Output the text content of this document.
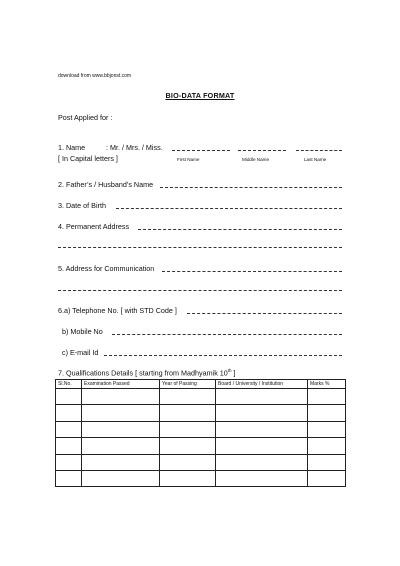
download from www.bbjonst.com
BIO-DATA FORMAT
Post Applied for :
1. Name	: Mr. / Mrs. / Miss.
[ In Capital letters ]	First Name	Middle Name	Last Name
2. Father’s / Husband’s Name
3. Date of Birth
4. Permanent Address
5. Address for Communication
6.a) Telephone No. [ with STD Code ]
b) Mobile No
c) E-mail Id
7. Qualifications Details [ starting from Madhyamik 10th ]
Sl.No.	Examination Passed	Year of Passing	Board / University / Institution	Marks %
